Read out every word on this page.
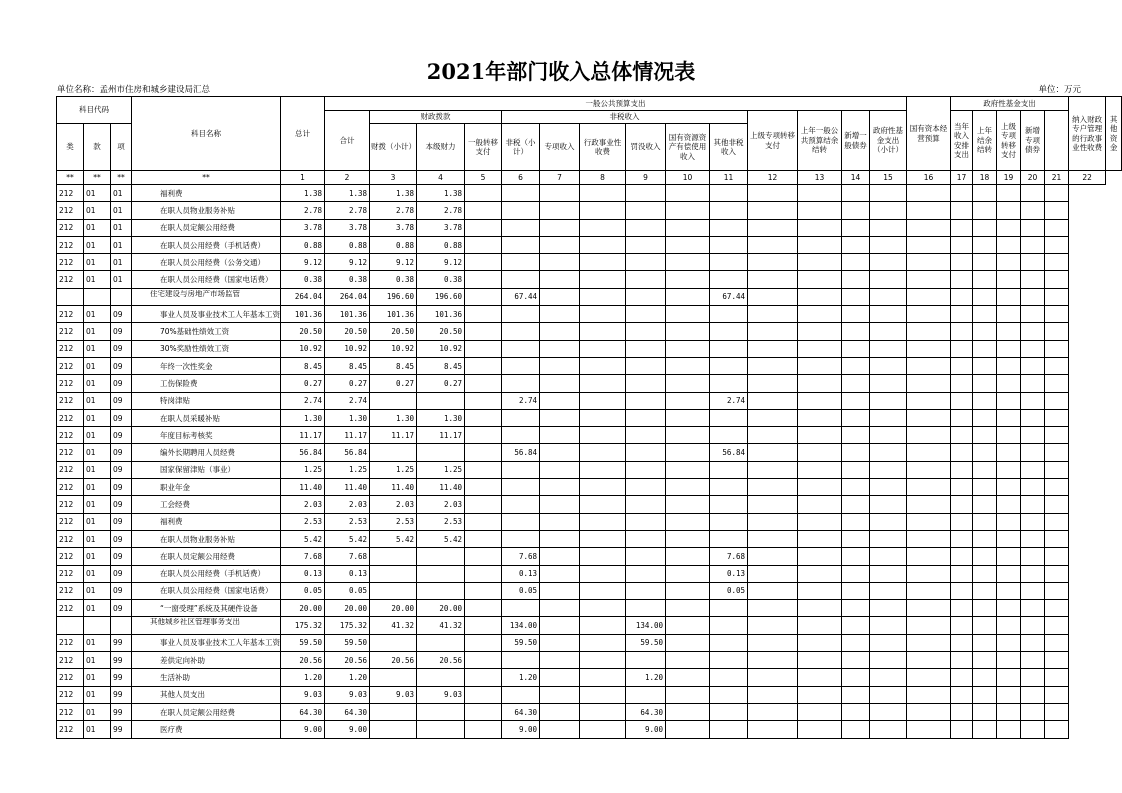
2021年部门收入总体情况表
单位名称：孟州市住房和城乡建设局汇总	单位：万元
科目代码			科目名称	总计	一般公共预算支出														国有资本经营预算	政府性基金支出					纳入财政专户管理的行政事业性收费	其他资金
					合计	财政拨款			非税收入						上级专项转移支付	上年一般公共预算结余结转	新增一般债券	政府性基金支出（小计）		当年收入安排支出	上年结余结转	上级专项转移支付	新增专项债券			
类	款	项				财拨（小计）	本级财力	一般转移支付	非税（小计）	专项收入	行政事业性收费	罚没收入	国有资源资产有偿使用收入	其他非税收入												
**	**	**	**	1	2	3	4	5	6	7	8	9	10	11	12	13	14	15	16	17	18	19	20	21	22	
212	01	01	福利费	1.38	1.38	1.38	1.38																			
212	01	01	在职人员物业服务补贴	2.78	2.78	2.78	2.78																			
212	01	01	在职人员定额公用经费	3.78	3.78	3.78	3.78																			
212	01	01	在职人员公用经费（手机话费）	0.88	0.88	0.88	0.88																			
212	01	01	在职人员公用经费（公务交通）	9.12	9.12	9.12	9.12																			
212	01	01	在职人员公用经费（国家电话费）	0.38	0.38	0.38	0.38																			

			住宅建设与房地产市场监管	264.04	264.04	196.60	196.60		67.44					67.44												
212	01	09	事业人员及事业技术工人年基本工资	101.36	101.36	101.36	101.36																			
212	01	09	70%基础性绩效工资	20.50	20.50	20.50	20.50																			
212	01	09	30%奖励性绩效工资	10.92	10.92	10.92	10.92																			
212	01	09	年终一次性奖金	8.45	8.45	8.45	8.45																			
212	01	09	工伤保险费	0.27	0.27	0.27	0.27																			
212	01	09	特岗津贴	2.74	2.74				2.74					2.74												
212	01	09	在职人员采暖补贴	1.30	1.30	1.30	1.30																			
212	01	09	年度目标考核奖	11.17	11.17	11.17	11.17																			
212	01	09	编外长期聘用人员经费	56.84	56.84				56.84					56.84												
212	01	09	国家保留津贴（事业）	1.25	1.25	1.25	1.25																			
212	01	09	职业年金	11.40	11.40	11.40	11.40																			
212	01	09	工会经费	2.03	2.03	2.03	2.03																			
212	01	09	福利费	2.53	2.53	2.53	2.53																			
212	01	09	在职人员物业服务补贴	5.42	5.42	5.42	5.42																			
212	01	09	在职人员定额公用经费	7.68	7.68				7.68					7.68												
212	01	09	在职人员公用经费（手机话费）	0.13	0.13				0.13					0.13												
212	01	09	在职人员公用经费（国家电话费）	0.05	0.05				0.05					0.05												
212	01	09	“一窗受理”系统及其硬件设备	20.00	20.00	20.00	20.00																			

			其他城乡社区管理事务支出	175.32	175.32	41.32	41.32		134.00			134.00														
212	01	99	事业人员及事业技术工人年基本工资	59.50	59.50				59.50			59.50														
212	01	99	差供定向补助	20.56	20.56	20.56	20.56																			
212	01	99	生活补助	1.20	1.20				1.20			1.20														
212	01	99	其他人员支出	9.03	9.03	9.03	9.03																			
212	01	99	在职人员定额公用经费	64.30	64.30				64.30			64.30														
212	01	99	医疗费	9.00	9.00				9.00			9.00														
